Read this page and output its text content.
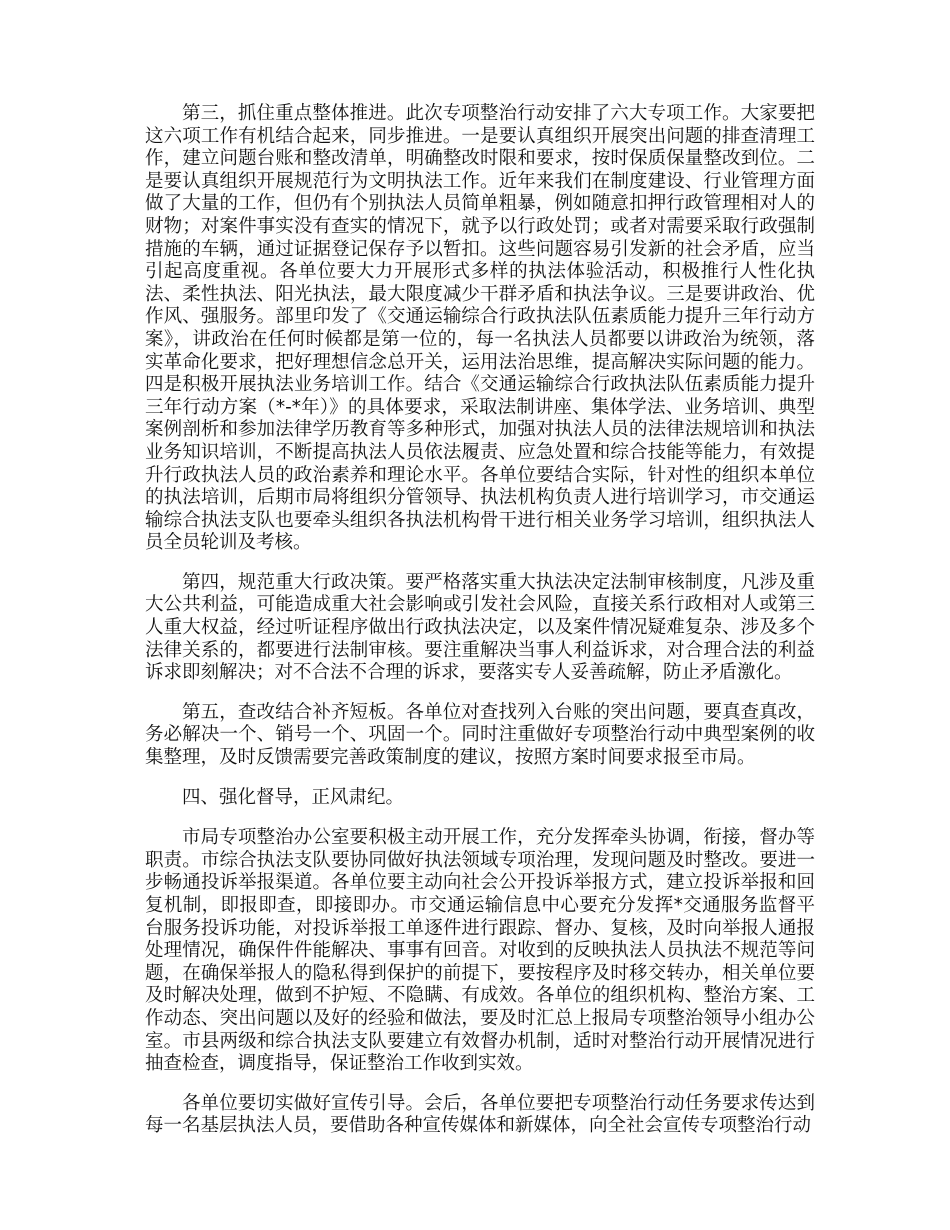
第三，抓住重点整体推进。此次专项整治行动安排了六大专项工作。大家要把这六项工作有机结合起来，同步推进。一是要认真组织开展突出问题的排查清理工作，建立问题台账和整改清单，明确整改时限和要求，按时保质保量整改到位。二是要认真组织开展规范行为文明执法工作。近年来我们在制度建设、行业管理方面做了大量的工作，但仍有个别执法人员简单粗暴，例如随意扣押行政管理相对人的财物；对案件事实没有查实的情况下，就予以行政处罚；或者对需要采取行政强制措施的车辆，通过证据登记保存予以暂扣。这些问题容易引发新的社会矛盾，应当引起高度重视。各单位要大力开展形式多样的执法体验活动，积极推行人性化执法、柔性执法、阳光执法，最大限度减少干群矛盾和执法争议。三是要讲政治、优作风、强服务。部里印发了《交通运输综合行政执法队伍素质能力提升三年行动方案》，讲政治在任何时候都是第一位的，每一名执法人员都要以讲政治为统领，落实革命化要求，把好理想信念总开关，运用法治思维，提高解决实际问题的能力。四是积极开展执法业务培训工作。结合《交通运输综合行政执法队伍素质能力提升三年行动方案（*-*年）》的具体要求，采取法制讲座、集体学法、业务培训、典型案例剖析和参加法律学历教育等多种形式，加强对执法人员的法律法规培训和执法业务知识培训，不断提高执法人员依法履责、应急处置和综合技能等能力，有效提升行政执法人员的政治素养和理论水平。各单位要结合实际，针对性的组织本单位的执法培训，后期市局将组织分管领导、执法机构负责人进行培训学习，市交通运输综合执法支队也要牵头组织各执法机构骨干进行相关业务学习培训，组织执法人员全员轮训及考核。

第四，规范重大行政决策。要严格落实重大执法决定法制审核制度，凡涉及重大公共利益，可能造成重大社会影响或引发社会风险，直接关系行政相对人或第三人重大权益，经过听证程序做出行政执法决定，以及案件情况疑难复杂、涉及多个法律关系的，都要进行法制审核。要注重解决当事人利益诉求，对合理合法的利益诉求即刻解决；对不合法不合理的诉求，要落实专人妥善疏解，防止矛盾激化。

第五，查改结合补齐短板。各单位对查找列入台账的突出问题，要真查真改，务必解决一个、销号一个、巩固一个。同时注重做好专项整治行动中典型案例的收集整理，及时反馈需要完善政策制度的建议，按照方案时间要求报至市局。

四、强化督导，正风肃纪。

市局专项整治办公室要积极主动开展工作，充分发挥牵头协调，衔接，督办等职责。市综合执法支队要协同做好执法领域专项治理，发现问题及时整改。要进一步畅通投诉举报渠道。各单位要主动向社会公开投诉举报方式，建立投诉举报和回复机制，即报即查，即接即办。市交通运输信息中心要充分发挥*交通服务监督平台服务投诉功能，对投诉举报工单逐件进行跟踪、督办、复核，及时向举报人通报处理情况，确保件件能解决、事事有回音。对收到的反映执法人员执法不规范等问题，在确保举报人的隐私得到保护的前提下，要按程序及时移交转办，相关单位要及时解决处理，做到不护短、不隐瞒、有成效。各单位的组织机构、整治方案、工作动态、突出问题以及好的经验和做法，要及时汇总上报局专项整治领导小组办公室。市县两级和综合执法支队要建立有效督办机制，适时对整治行动开展情况进行抽查检查，调度指导，保证整治工作收到实效。

各单位要切实做好宣传引导。会后，各单位要把专项整治行动任务要求传达到每一名基层执法人员，要借助各种宣传媒体和新媒体，向全社会宣传专项整治行动
